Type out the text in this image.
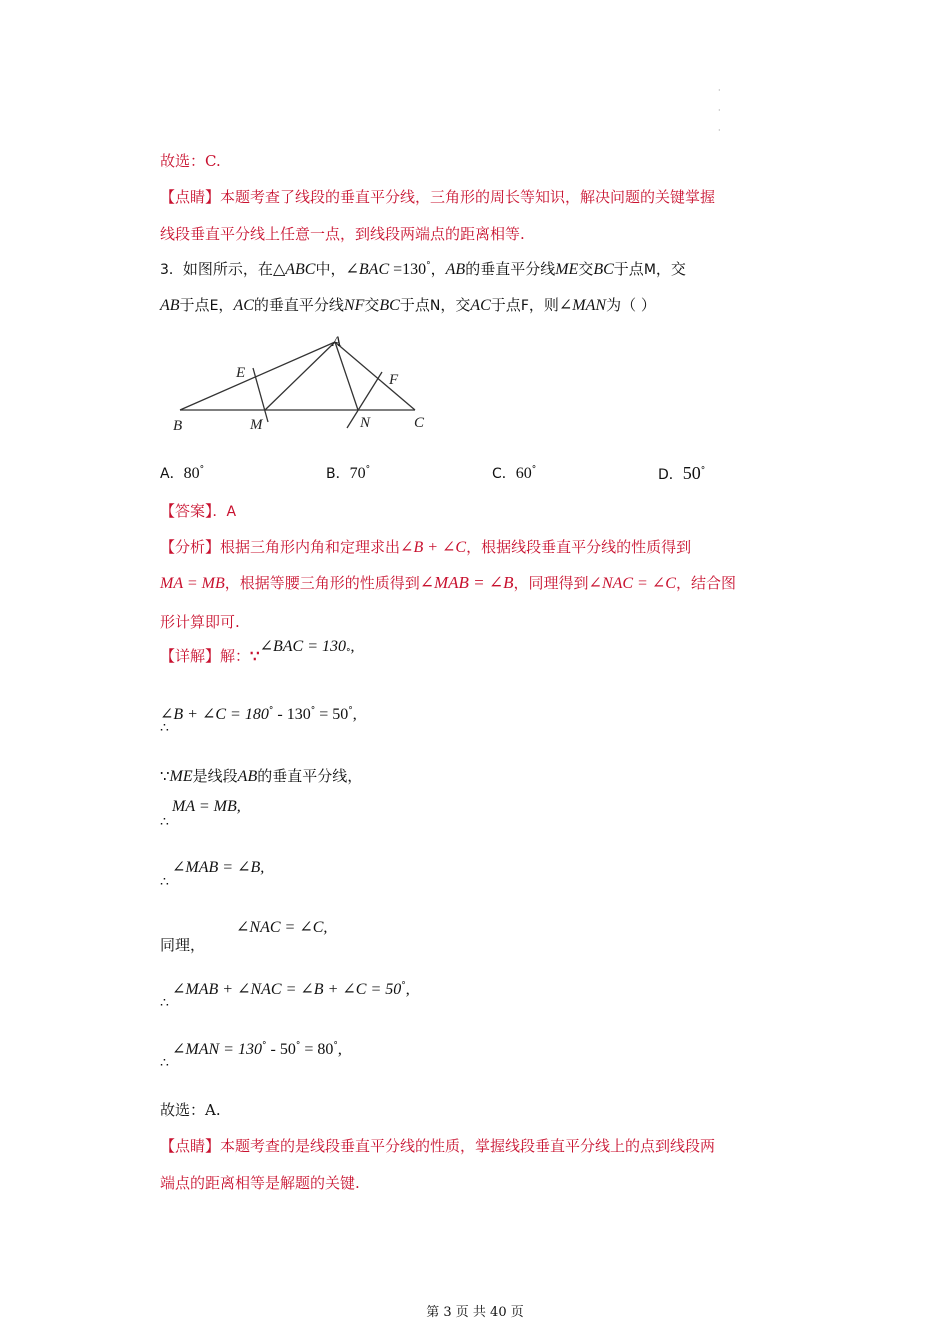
·
·
·
故选：C.
【点睛】本题考查了线段的垂直平分线，三角形的周长等知识，解决问题的关键掌握
线段垂直平分线上任意一点，到线段两端点的距离相等.
3．如图所示，在△ABC中，∠BAC =130°，AB的垂直平分线ME交BC于点M，交
AB于点E，AC的垂直平分线NF交BC于点N，交AC于点F，则∠MAN为（ ）
A
B	C
E	F
M	N
A．80°	B．70°	C．60°	D．50°
【答案】．A
【分析】根据三角形内角和定理求出∠B + ∠C，根据线段垂直平分线的性质得到
MA = MB，根据等腰三角形的性质得到∠MAB = ∠B，同理得到∠NAC = ∠C，结合图
形计算即可.
【详解】解：∵∠BAC = 130°,
∠B + ∠C = 180° - 130° = 50°,
∴
∵ME是线段AB的垂直平分线，
MA = MB,
∴
∠MAB = ∠B,
∴
∠NAC = ∠C,
同理，
∠MAB + ∠NAC = ∠B + ∠C = 50°,
∴
∠MAN = 130° - 50° = 80°,
∴
故选：A.
【点睛】本题考查的是线段垂直平分线的性质，掌握线段垂直平分线上的点到线段两
端点的距离相等是解题的关键.
第 3 页 共 40 页
